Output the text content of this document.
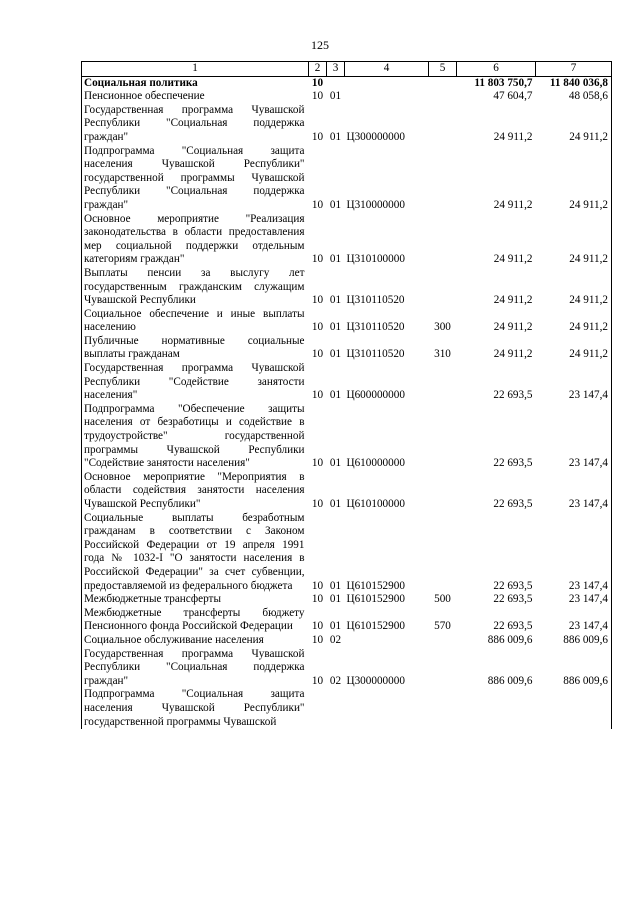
125
1	2	3	4	5	6	7
Социальная политика	10				11 803 750,7	11 840 036,8
Пенсионное обеспечение	10	01			47 604,7	48 058,6
Государственная программа Чувашской Республики "Социальная поддержка граждан"	10	01	Ц300000000		24 911,2	24 911,2
Подпрограмма "Социальная защита населения Чувашской Республики" государственной программы Чувашской Республики "Социальная поддержка граждан"	10	01	Ц310000000		24 911,2	24 911,2
Основное мероприятие "Реализация законодательства в области предоставления мер социальной поддержки отдельным категориям граждан"	10	01	Ц310100000		24 911,2	24 911,2
Выплаты пенсии за выслугу лет государственным гражданским служащим Чувашской Республики	10	01	Ц310110520		24 911,2	24 911,2
Социальное обеспечение и иные выплаты населению	10	01	Ц310110520	300	24 911,2	24 911,2
Публичные нормативные социальные выплаты гражданам	10	01	Ц310110520	310	24 911,2	24 911,2
Государственная программа Чувашской Республики "Содействие занятости населения"	10	01	Ц600000000		22 693,5	23 147,4
Подпрограмма "Обеспечение защиты населения от безработицы и содействие в трудоустройстве" государственной программы Чувашской Республики "Содействие занятости населения"	10	01	Ц610000000		22 693,5	23 147,4
Основное мероприятие "Мероприятия в области содействия занятости населения Чувашской Республики"	10	01	Ц610100000		22 693,5	23 147,4
Социальные выплаты безработным гражданам в соответствии с Законом Российской Федерации от 19 апреля 1991 года № 1032-I "О занятости населения в Российской Федерации" за счет субвенции, предоставляемой из федерального бюджета	10	01	Ц610152900		22 693,5	23 147,4
Межбюджетные трансферты	10	01	Ц610152900	500	22 693,5	23 147,4
Межбюджетные трансферты бюджету Пенсионного фонда Российской Федерации	10	01	Ц610152900	570	22 693,5	23 147,4
Социальное обслуживание населения	10	02			886 009,6	886 009,6
Государственная программа Чувашской Республики "Социальная поддержка граждан"	10	02	Ц300000000		886 009,6	886 009,6
Подпрограмма "Социальная защита населения Чувашской Республики" государственной программы Чувашской						
